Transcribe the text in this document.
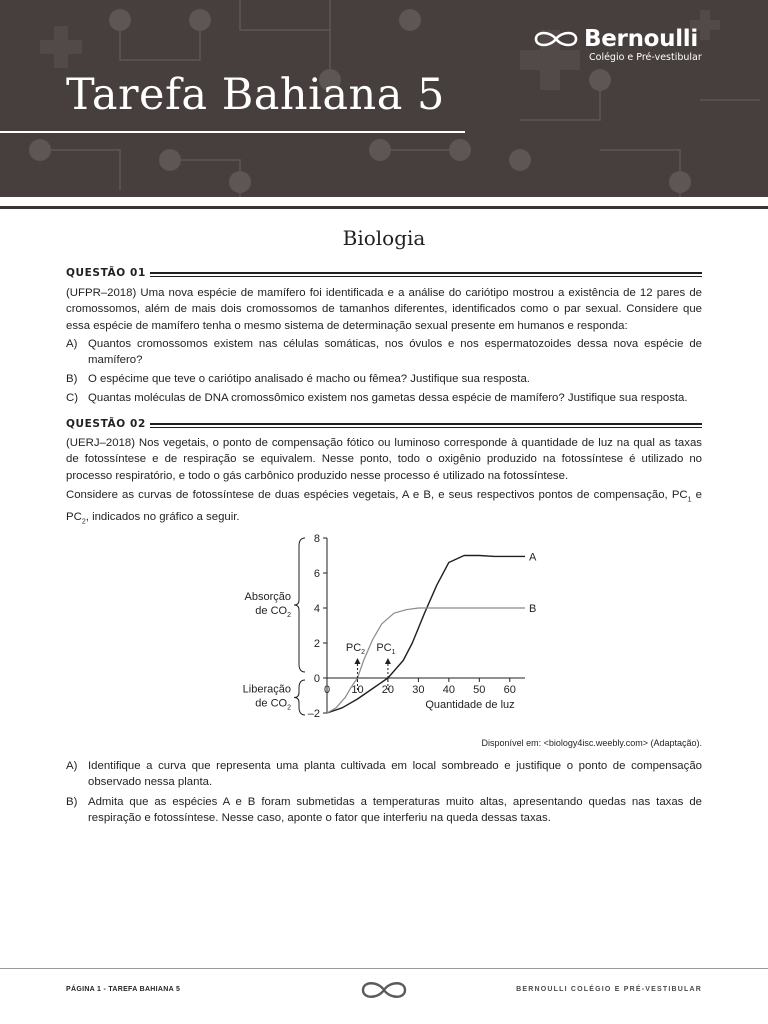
Tarefa Bahiana 5
Bernoulli
Colégio e Pré-vestibular
Biologia
QUESTÃO 01
(UFPR–2018) Uma nova espécie de mamífero foi identificada e a análise do cariótipo mostrou a existência de 12 pares de cromossomos, além de mais dois cromossomos de tamanhos diferentes, identificados como o par sexual. Considere que essa espécie de mamífero tenha o mesmo sistema de determinação sexual presente em humanos e responda:
A) Quantos cromossomos existem nas células somáticas, nos óvulos e nos espermatozoides dessa nova espécie de mamífero?
B) O espécime que teve o cariótipo analisado é macho ou fêmea? Justifique sua resposta.
C) Quantas moléculas de DNA cromossômico existem nos gametas dessa espécie de mamífero? Justifique sua resposta.
QUESTÃO 02
(UERJ–2018) Nos vegetais, o ponto de compensação fótico ou luminoso corresponde à quantidade de luz na qual as taxas de fotossíntese e de respiração se equivalem. Nesse ponto, todo o oxigênio produzido na fotossíntese é utilizado no processo respiratório, e todo o gás carbônico produzido nesse processo é utilizado na fotossíntese.
Considere as curvas de fotossíntese de duas espécies vegetais, A e B, e seus respectivos pontos de compensação, $PC_1$ e $PC_2$, indicados no gráfico a seguir.
–2
0
2
4
6
8
0 10 20 30 40 50 60
Quantidade de luz
Absorção
de $CO_2$
Liberação
de $CO_2$
A
B
$PC_2$ $PC_1$
Disponível em: <biology4isc.weebly.com> (Adaptação).
A) Identifique a curva que representa uma planta cultivada em local sombreado e justifique o ponto de compensação observado nessa planta.
B) Admita que as espécies A e B foram submetidas a temperaturas muito altas, apresentando quedas nas taxas de respiração e fotossíntese. Nesse caso, aponte o fator que interferiu na queda dessas taxas.
PÁGINA 1 - TAREFA BAHIANA 5	BERNOULLI COLÉGIO E PRÉ-VESTIBULAR
